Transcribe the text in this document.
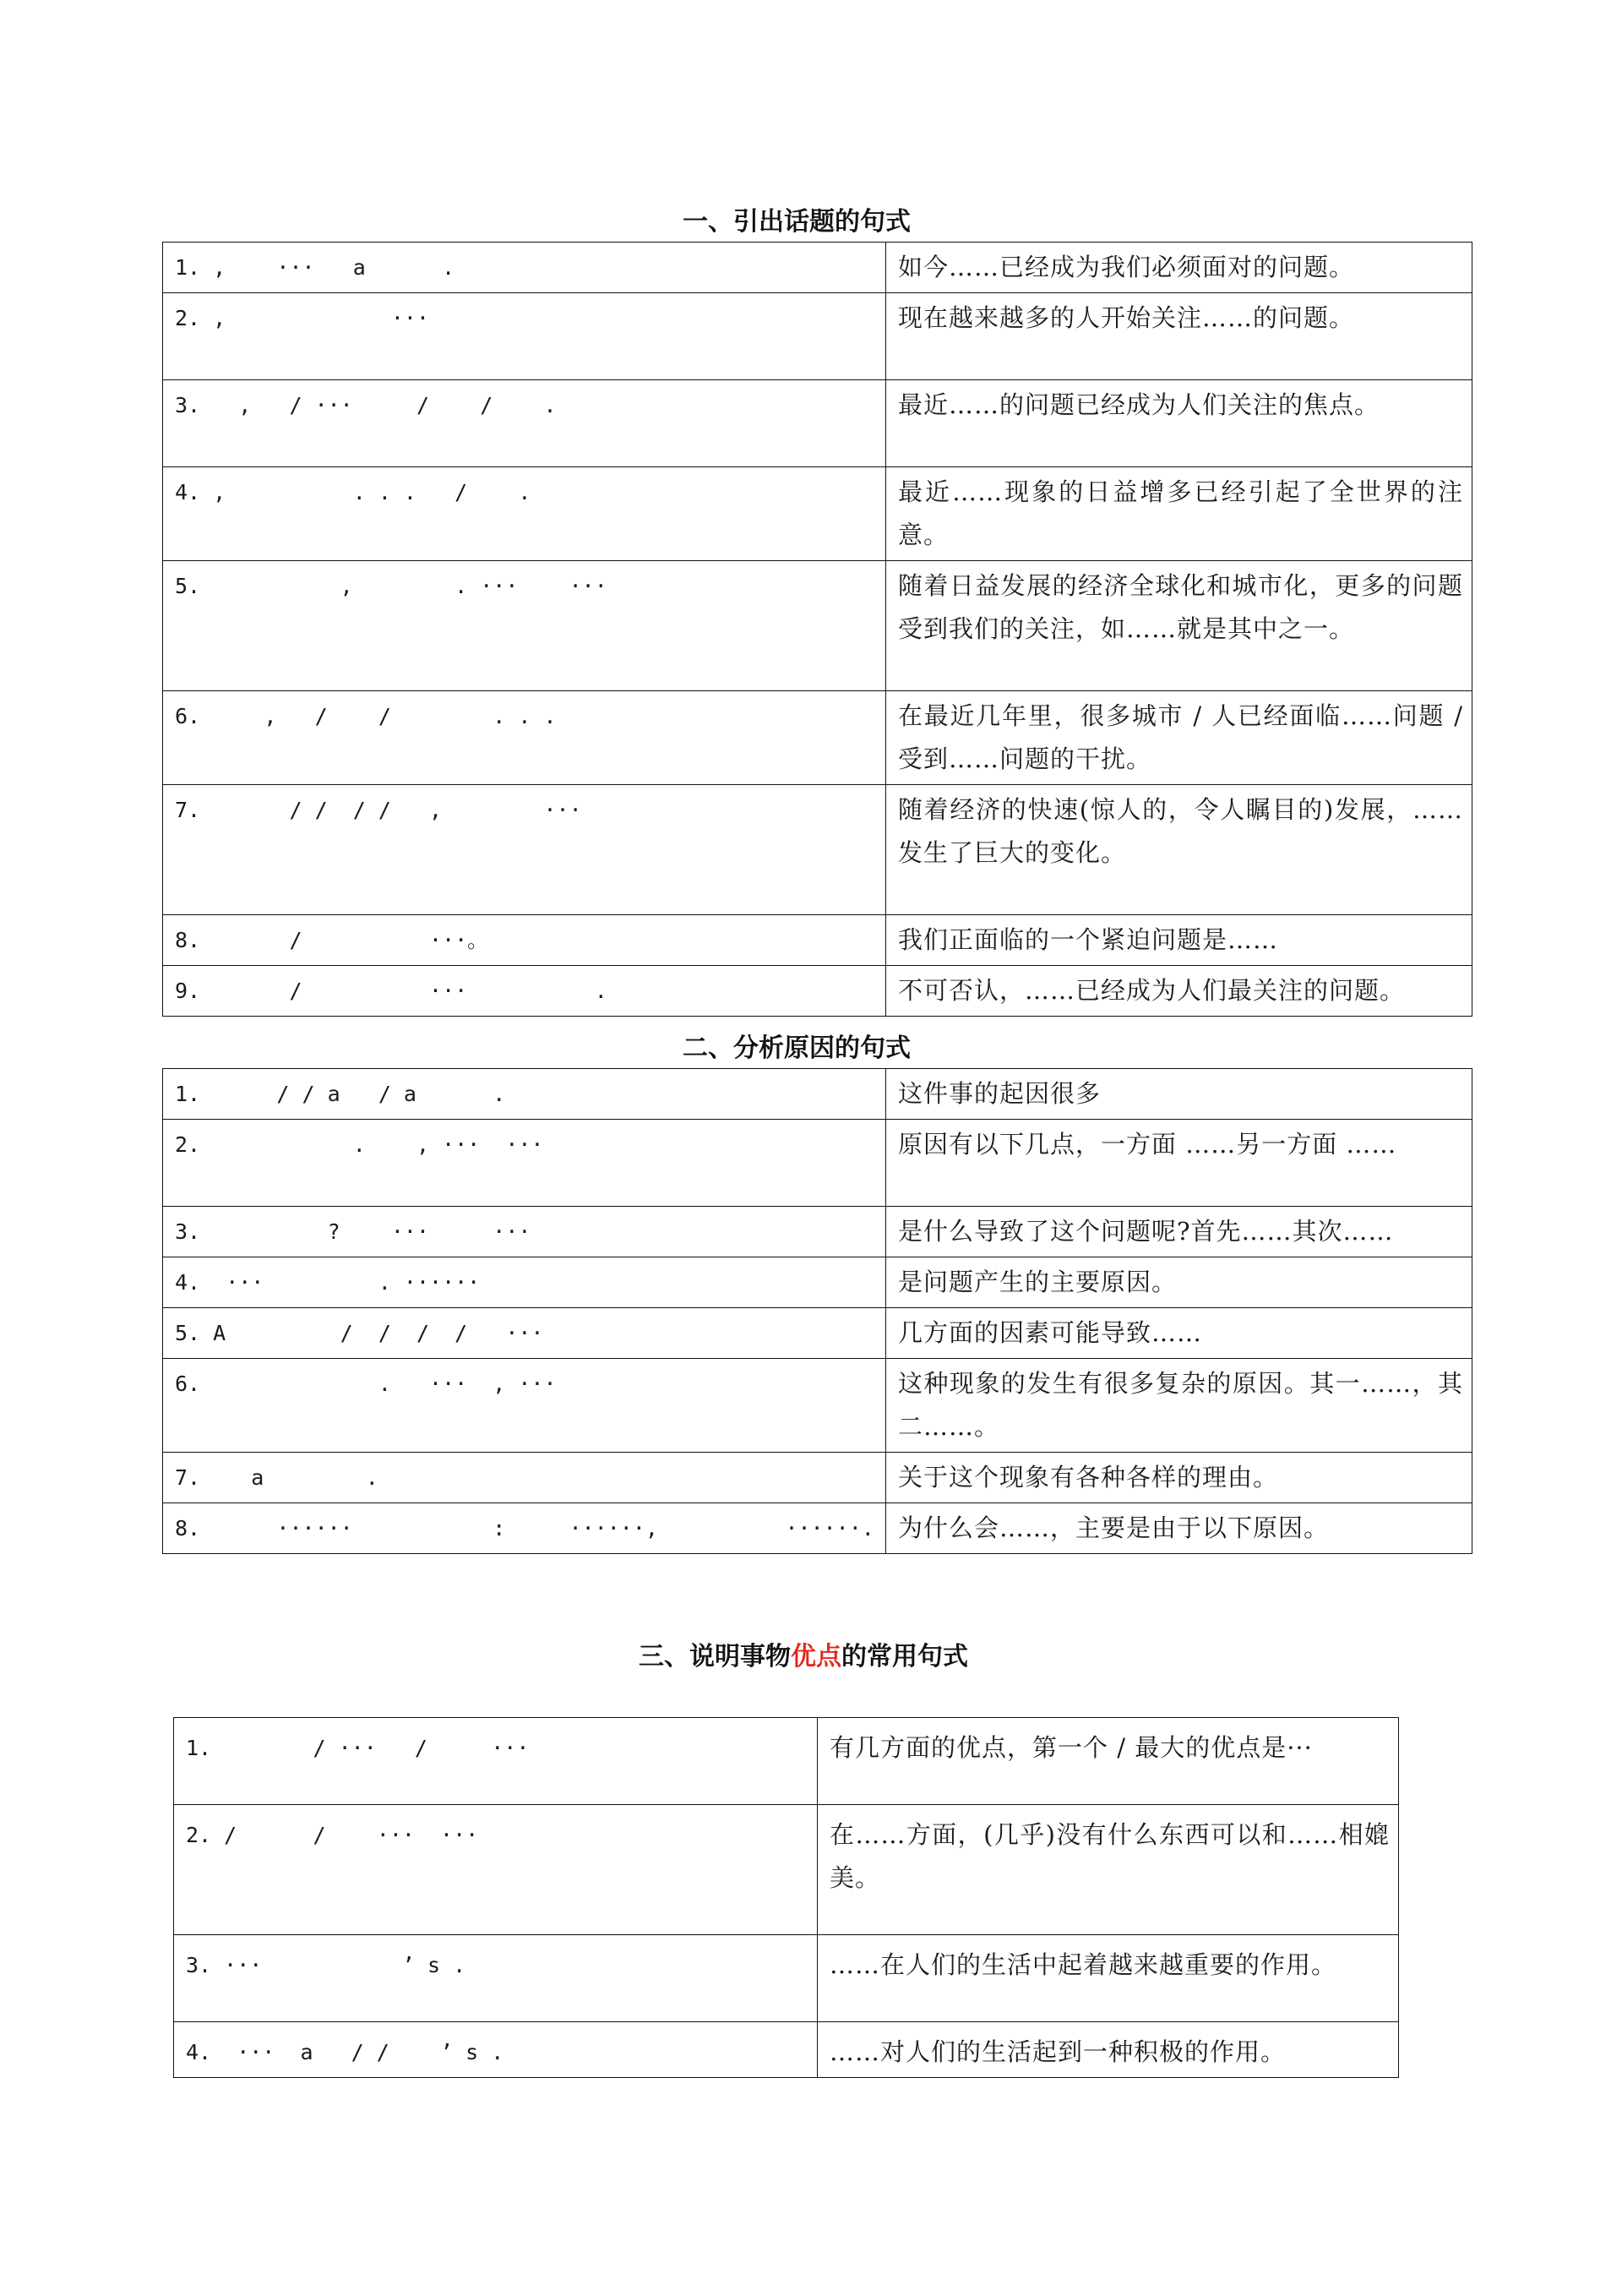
一、引出话题的句式
1. ,    ···   a      .	如今……已经成为我们必须面对的问题。
2. ,             ···	现在越来越多的人开始关注……的问题。
3.   ,   / ···     /    /    .	最近……的问题已经成为人们关注的焦点。
4. ,          . . .   /    .	最近……现象的日益增多已经引起了全世界的注意。
5.           ,        . ···    ···	随着日益发展的经济全球化和城市化，更多的问题受到我们的关注，如……就是其中之一。
6.     ,   /    /        . . .	在最近几年里，很多城市 / 人已经面临……问题 / 受到……问题的干扰。
7.       / /  / /   ,        ···	随着经济的快速(惊人的，令人瞩目的)发展，……发生了巨大的变化。
8.       /          ···。	我们正面临的一个紧迫问题是……
9.       /          ···          .	不可否认，……已经成为人们最关注的问题。
二、分析原因的句式
1.      / / a   / a      .	这件事的起因很多
2.            .    , ···  ···	原因有以下几点，一方面 ……另一方面 ……
3.          ?    ···     ···	是什么导致了这个问题呢?首先……其次……
4.  ···         . ······	是问题产生的主要原因。
5. A         /  /  /  /   ···	几方面的因素可能导致……
6.              .   ···  , ···	这种现象的发生有很多复杂的原因。其一……，其二……。
7.    a        .	关于这个现象有各种各样的理由。
8.      ······           :     ······,          ······.	为什么会……，主要是由于以下原因。
三、说明事物优点的常用句式
1.        / ···   /     ···	有几方面的优点，第一个 / 最大的优点是···
2. /      /    ···  ···	在……方面，(几乎)没有什么东西可以和……相媲美。
3. ···           ’ s .	……在人们的生活中起着越来越重要的作用。
4.  ···  a   / /    ’ s .	……对人们的生活起到一种积极的作用。
